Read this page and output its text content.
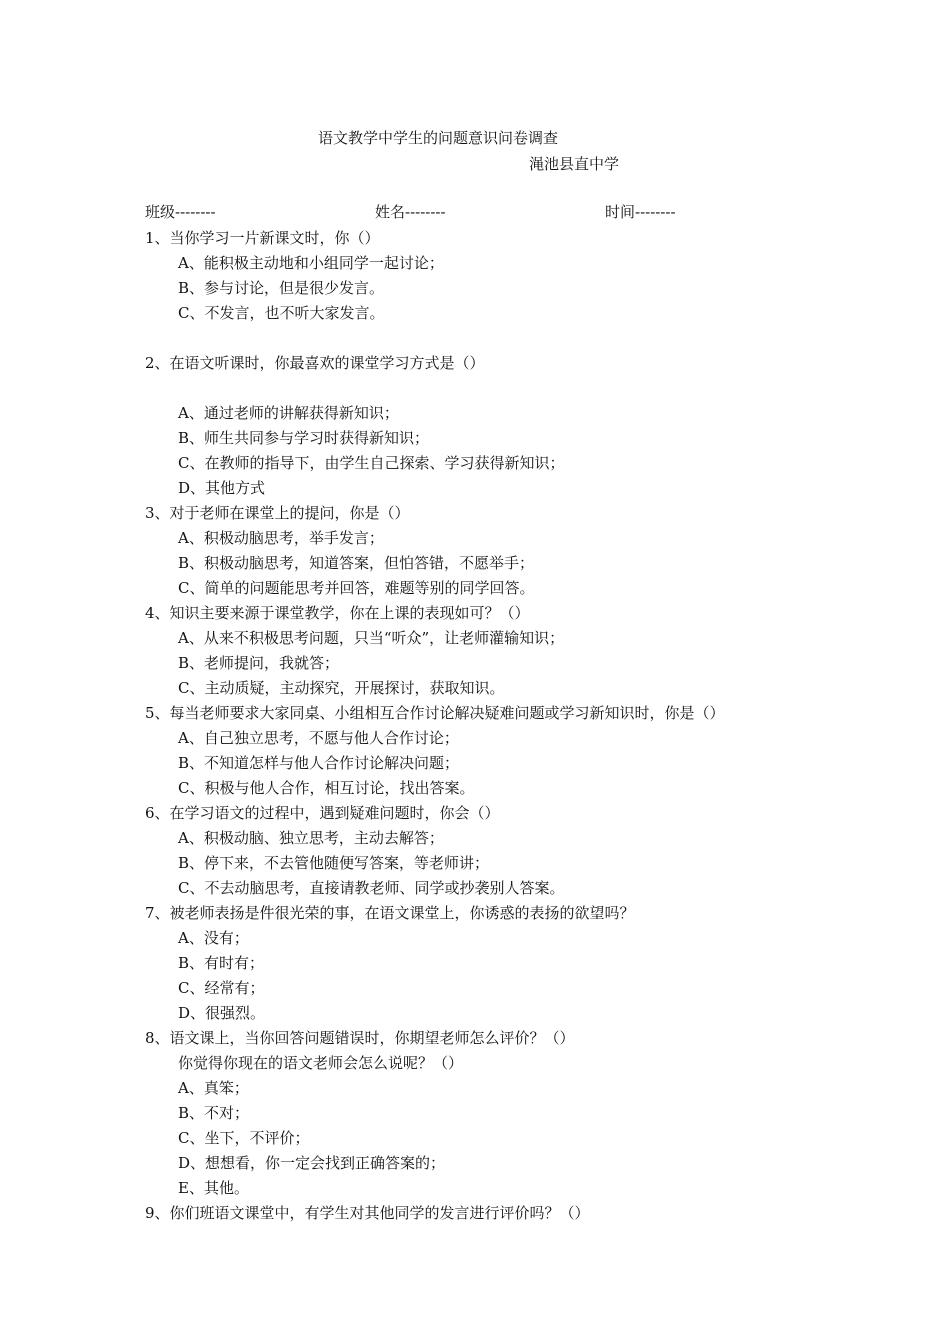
语文教学中学生的问题意识问卷调查
渑池县直中学
班级--------	姓名--------	时间--------
1、当你学习一片新课文时，你（）
A、能积极主动地和小组同学一起讨论；
B、参与讨论，但是很少发言。
C、不发言，也不听大家发言。
2、在语文听课时，你最喜欢的课堂学习方式是（）
A、通过老师的讲解获得新知识；
B、师生共同参与学习时获得新知识；
C、在教师的指导下，由学生自己探索、学习获得新知识；
D、其他方式
3、对于老师在课堂上的提问，你是（）
A、积极动脑思考，举手发言；
B、积极动脑思考，知道答案，但怕答错，不愿举手；
C、简单的问题能思考并回答，难题等别的同学回答。
4、知识主要来源于课堂教学，你在上课的表现如可？（）
A、从来不积极思考问题，只当“听众”，让老师灌输知识；
B、老师提问，我就答；
C、主动质疑，主动探究，开展探讨，获取知识。
5、每当老师要求大家同桌、小组相互合作讨论解决疑难问题或学习新知识时，你是（）
A、自己独立思考，不愿与他人合作讨论；
B、不知道怎样与他人合作讨论解决问题；
C、积极与他人合作，相互讨论，找出答案。
6、在学习语文的过程中，遇到疑难问题时，你会（）
A、积极动脑、独立思考，主动去解答；
B、停下来，不去管他随便写答案，等老师讲；
C、不去动脑思考，直接请教老师、同学或抄袭别人答案。
7、被老师表扬是件很光荣的事，在语文课堂上，你诱惑的表扬的欲望吗？
A、没有；
B、有时有；
C、经常有；
D、很强烈。
8、语文课上，当你回答问题错误时，你期望老师怎么评价？（）
你觉得你现在的语文老师会怎么说呢？（）
A、真笨；
B、不对；
C、坐下，不评价；
D、想想看，你一定会找到正确答案的；
E、其他。
9、你们班语文课堂中，有学生对其他同学的发言进行评价吗？（）
